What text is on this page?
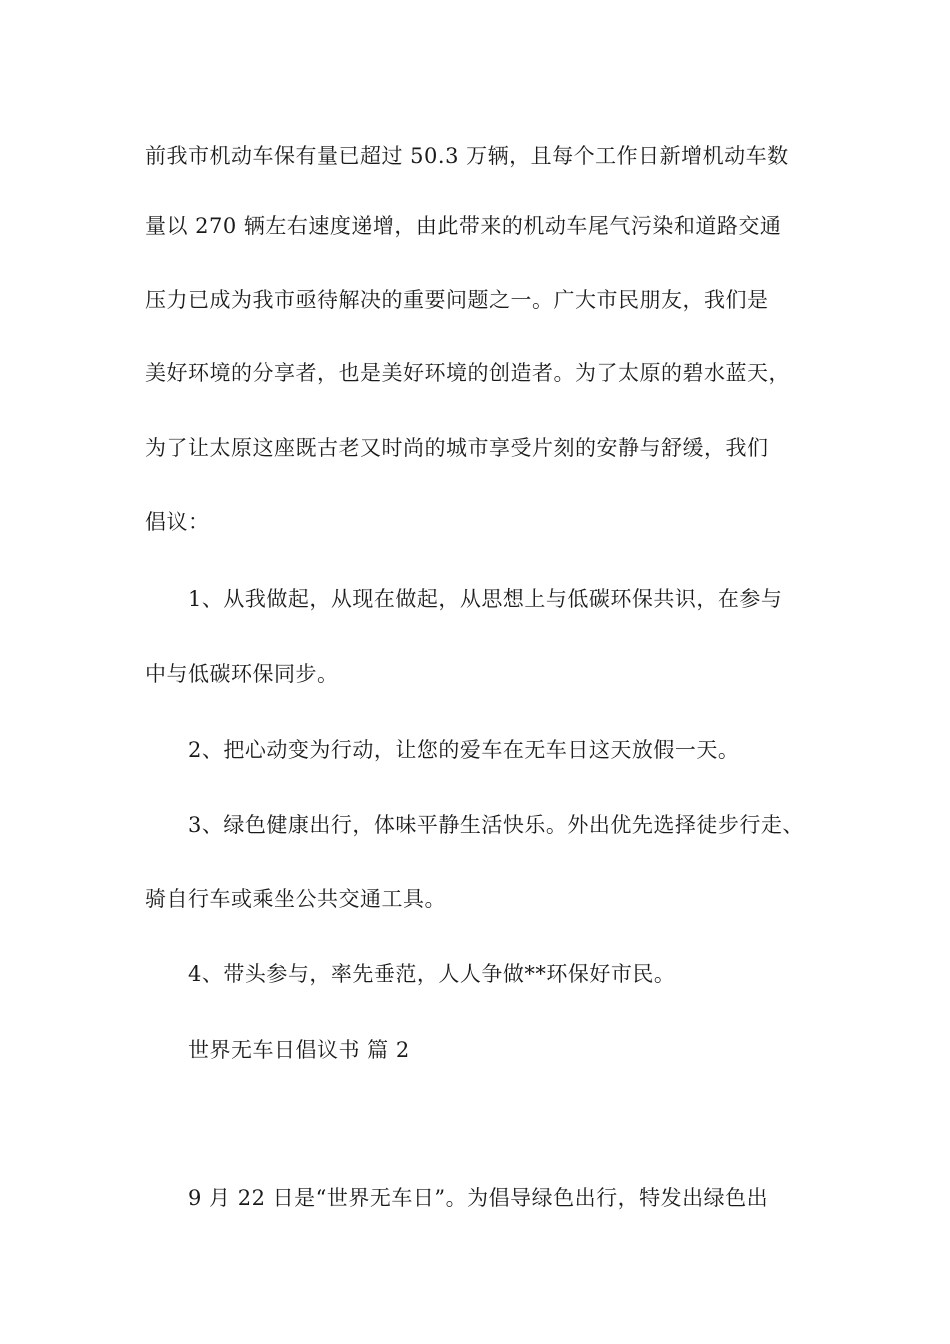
前我市机动车保有量已超过 50.3 万辆，且每个工作日新增机动车数
量以 270 辆左右速度递增，由此带来的机动车尾气污染和道路交通
压力已成为我市亟待解决的重要问题之一。广大市民朋友，我们是
美好环境的分享者，也是美好环境的创造者。为了太原的碧水蓝天，
为了让太原这座既古老又时尚的城市享受片刻的安静与舒缓，我们
倡议：
1、从我做起，从现在做起，从思想上与低碳环保共识，在参与
中与低碳环保同步。
2、把心动变为行动，让您的爱车在无车日这天放假一天。
3、绿色健康出行，体味平静生活快乐。外出优先选择徒步行走、
骑自行车或乘坐公共交通工具。
4、带头参与，率先垂范，人人争做**环保好市民。
世界无车日倡议书 篇 2
9 月 22 日是“世界无车日”。为倡导绿色出行，特发出绿色出
